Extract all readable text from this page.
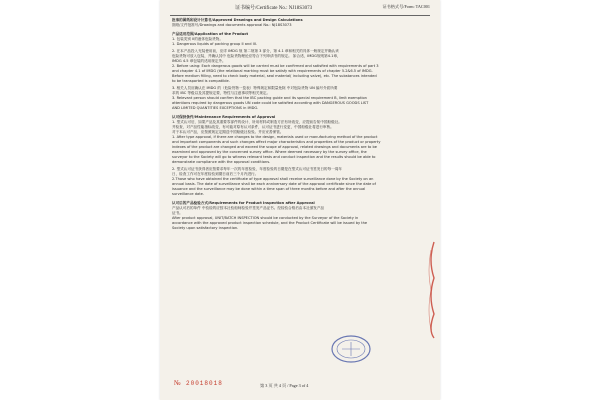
证书编号/Certificate No.: NJ18S3073	证书格式号/Form: TAC001
批准的图纸和设计计算书/Approved Drawings and Design Calculations
图纸/文件批准号/Drawings and documents approval No.: NJ18S3073
产品适用范围/Application of the Product
1. 包装类别 II的液体危险货物。
1. Dangerous liquids of packing group II and III.
2. 在本产品投入充装使用前，应详 IMDG 规 第二规第 3 部分，第 4.1 章和相关的具体一般规定并确认该
危险货物可放入包装，并确认其中 危险货物理论应符合下列申请书的规定。 如合适，IMDG规则第4.1章，
IMDG 4.5 章包装的适用规定外。
2. Before using: Each dangerous goods will be carried must be confirmed and satisfied with requirements of part 3
and chapter 4.1 of IMDG (the relational marking must be satisfy with requirements of chapter 5.2&6.5 of IMDG.
Before medium filling, need to check body material, seal material( including valve), etc. The substances intended
to be transported is compatible.
3. 相关人员应确认在 IMDG 的（危险货物一览表）特殊规定和限量免除 中对危险货物 UN 编号介质所要
求的 IBC 等级以及其提规定要，特性与注意事项等相关规定。
3. Relevant person should confirm that the IBC packing guide and its special requirement B, limit exemption
attentions required by dangerous goods UN code could be satisfied according with DANGEROUS GOODS LIST
AND LIMITED QUANTITIES EXCEPTIONS in IMDG.
认可保持条件/Maintenance Requirements of Approval
1. 型式认可后，如果产品及其重要零部件的设计、所用材料或制造方法有所改变，应提前告知中国船级社。
并检查，对产品性能指标改变，有可能对原有认可条件，认可证书进行变更，中国船级社将进行审核。
对于本认可产品，应按照规定定期送中国船级社检验。并应妥善保管。
1. After type approval, if there are changes to the design, materials used or manufacturing method of the product
and important components and such changes affect major characteristics and properties of the product or property
indexes of the product are changed and exceed the scope of approval, related drawings and documents are to be
examined and approved by the concerned survey office. Where deemed necessary by the survey office, the
surveyor to the Society will go to witness relevant tests and conduct inspection and the results should be able to
demonstrate compliance with the approval conditions.
2. 型式认可证书获得者应按要求每年一次的年度检验，年度检验的日期是在型式认可证书签发日的每一周年
日，检查工作可在年度检验到期日前后三个月内进行。
2.Those who have obtained the certificate of type approval shall receive surveillance done by the Society on an
annual basis. The date of surveillance shall be each anniversary date of the approval certificate since the date of
issuance and the surveillance may be done within a time span of three months before and after the annual
surveillance date.
认可后的产品检验方式/Requirements for Product Inspection after Approval
产品认可后的单件 中验检的应按本社验船师检验并签发产品证书。经检验合格后由本社颁发产品
证书。
After product approval, UNIT/BATCH INSPECTION should be conducted by the Surveyor of the Society in
accordance with the approved product inspection schedule, and the Product Certificate will be issued by the
Society upon satisfactory inspection.
№ 20018018	第 3 页 共 4 页 / Page 3 of 4
